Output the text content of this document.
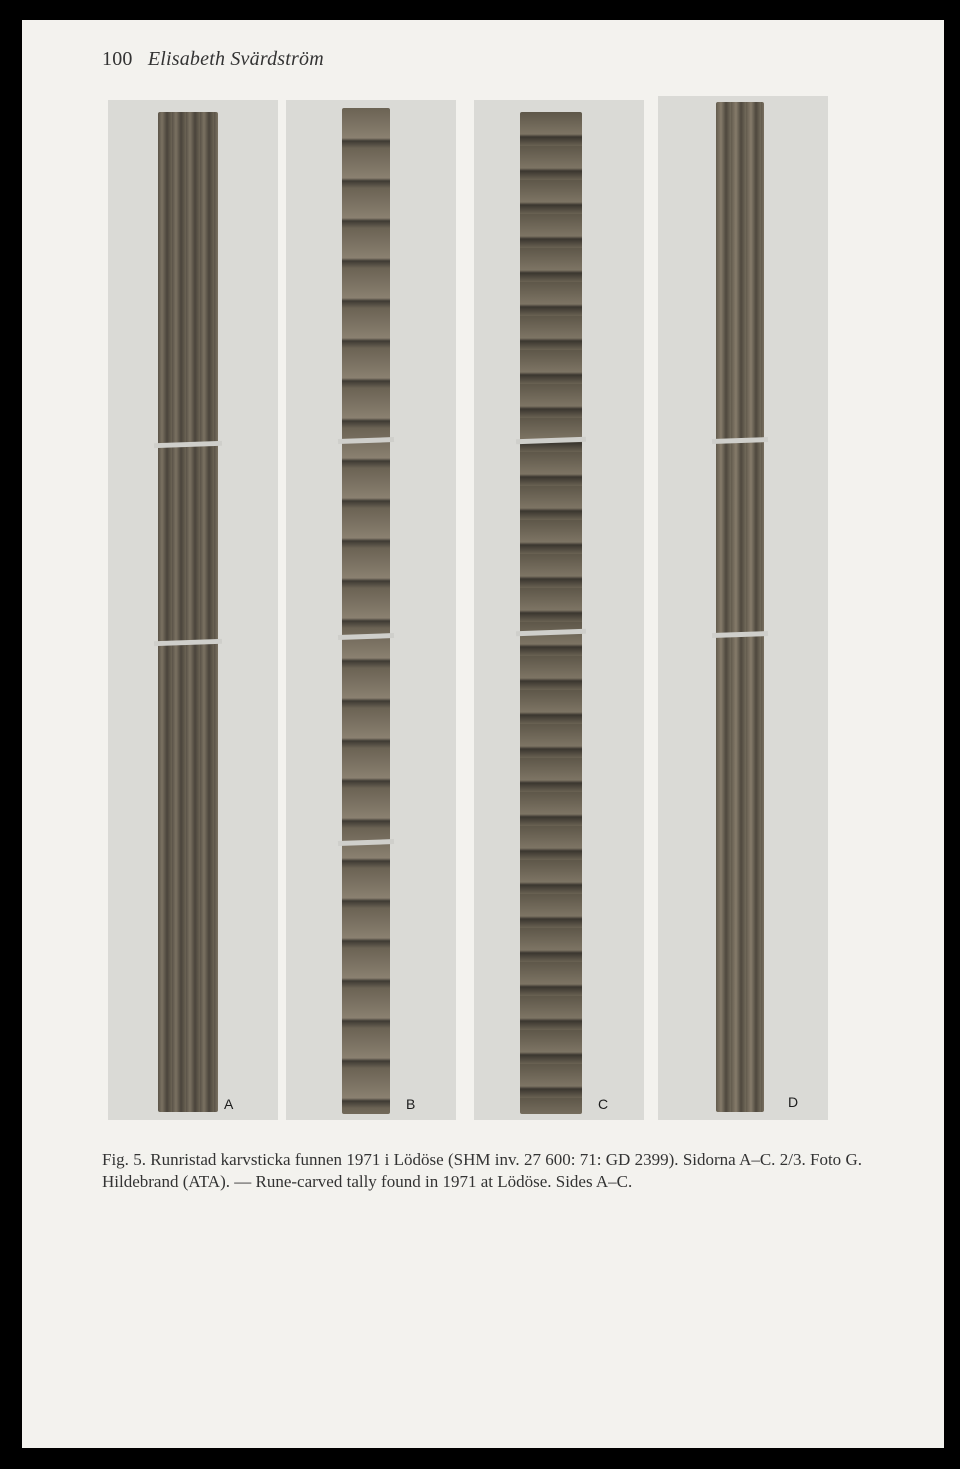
100 Elisabeth Svärdström
A	B	C	D
Fig. 5. Runristad karvsticka funnen 1971 i Lödöse (SHM inv. 27 600: 71: GD 2399). Sidorna A–C. 2/3. Foto G. Hildebrand (ATA). — Rune-carved tally found in 1971 at Lödöse. Sides A–C.
